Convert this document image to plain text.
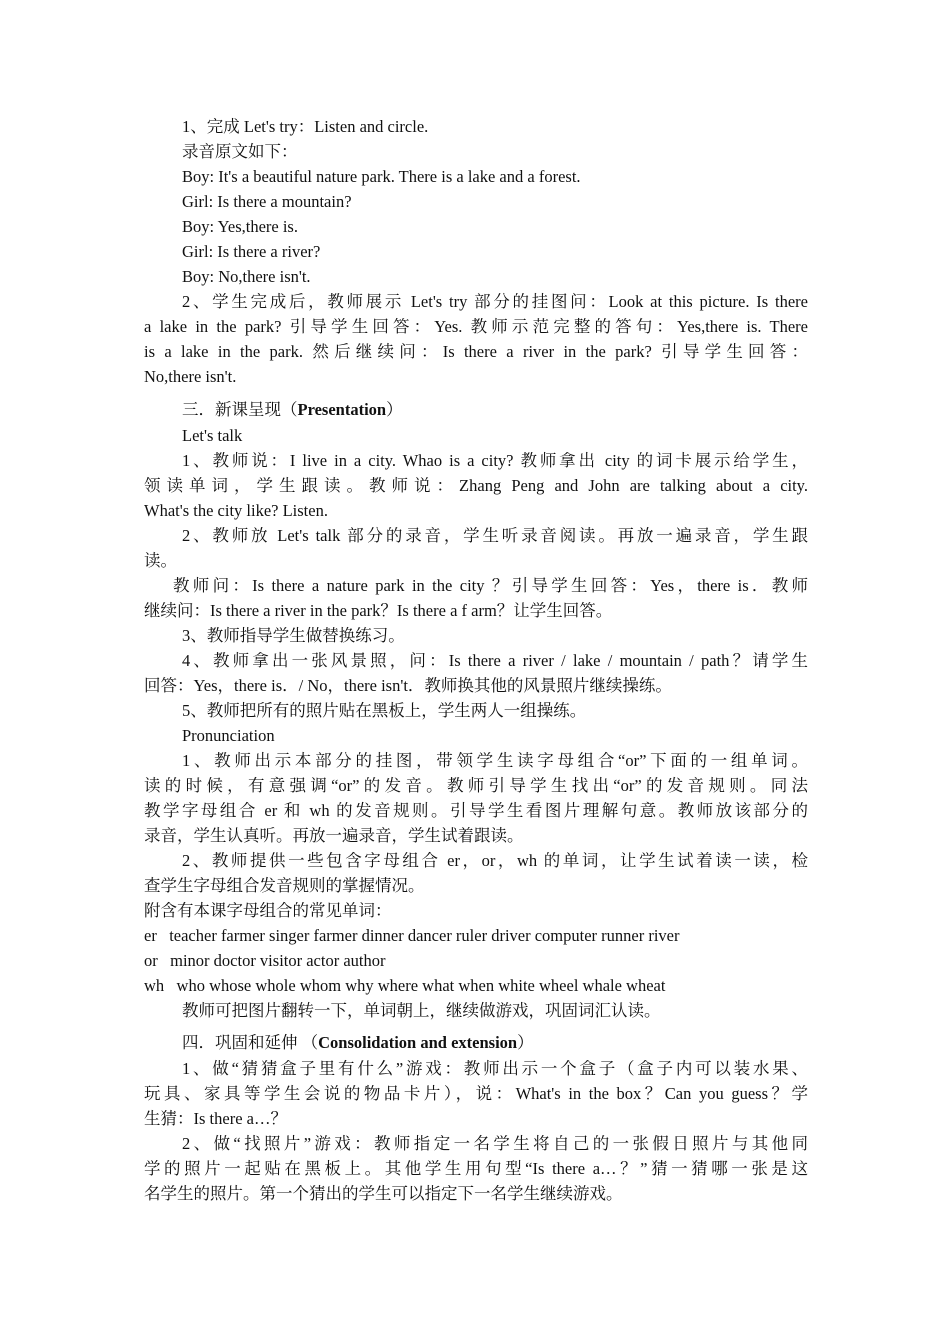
1、完成 Let's try：Listen and circle.
录音原文如下：
Boy: It's a beautiful nature park. There is a lake and a forest.
Girl: Is there a mountain?
Boy: Yes,there is.
Girl: Is there a river?
Boy: No,there isn't.
2、学生完成后，教师展示 Let's try 部分的挂图问：Look at this picture. Is there
a lake in the park? 引导学生回答：Yes. 教师示范完整的答句：Yes,there is. There
is a lake in the park. 然后继续问：Is there a river in the park? 引导学生回答：
No,there isn't.
三．新课呈现（Presentation）
Let's talk
1、教师说：I live in a city. Whao is a city? 教师拿出 city 的词卡展示给学生，
领读单词，学生跟读。教师说：Zhang Peng and John are talking about a city.
What's the city like? Listen.
2、教师放 Let's talk 部分的录音，学生听录音阅读。再放一遍录音，学生跟
读。
教师问：Is there a nature park in the city ？引导学生回答：Yes，there is．教师
继续问：Is there a river in the park？Is there a f arm？让学生回答。
3、教师指导学生做替换练习。
4、教师拿出一张风景照，问：Is there a river / lake / mountain / path？请学生
回答：Yes，there is．/ No，there isn't．教师换其他的风景照片继续操练。
5、教师把所有的照片贴在黑板上，学生两人一组操练。
Pronunciation
1、教师出示本部分的挂图，带领学生读字母组合“or”下面的一组单词。
读的时候，有意强调“or”的发音。教师引导学生找出“or”的发音规则。同法
教学字母组合 er 和 wh 的发音规则。引导学生看图片理解句意。教师放该部分的
录音，学生认真听。再放一遍录音，学生试着跟读。
2、教师提供一些包含字母组合 er，or，wh 的单词，让学生试着读一读，检
查学生字母组合发音规则的掌握情况。
附含有本课字母组合的常见单词：
er   teacher farmer singer farmer dinner dancer ruler driver computer runner river
or   minor doctor visitor actor author
wh   who whose whole whom why where what when white wheel whale wheat
教师可把图片翻转一下，单词朝上，继续做游戏，巩固词汇认读。
四．巩固和延伸 （Consolidation and extension）
1、做“猜猜盒子里有什么”游戏：教师出示一个盒子（盒子内可以装水果、
玩具、家具等学生会说的物品卡片），说：What's in the box？Can you guess？学
生猜：Is there a…？
2、做“找照片”游戏：教师指定一名学生将自己的一张假日照片与其他同
学的照片一起贴在黑板上。其他学生用句型“Is there a…？”猜一猜哪一张是这
名学生的照片。第一个猜出的学生可以指定下一名学生继续游戏。
